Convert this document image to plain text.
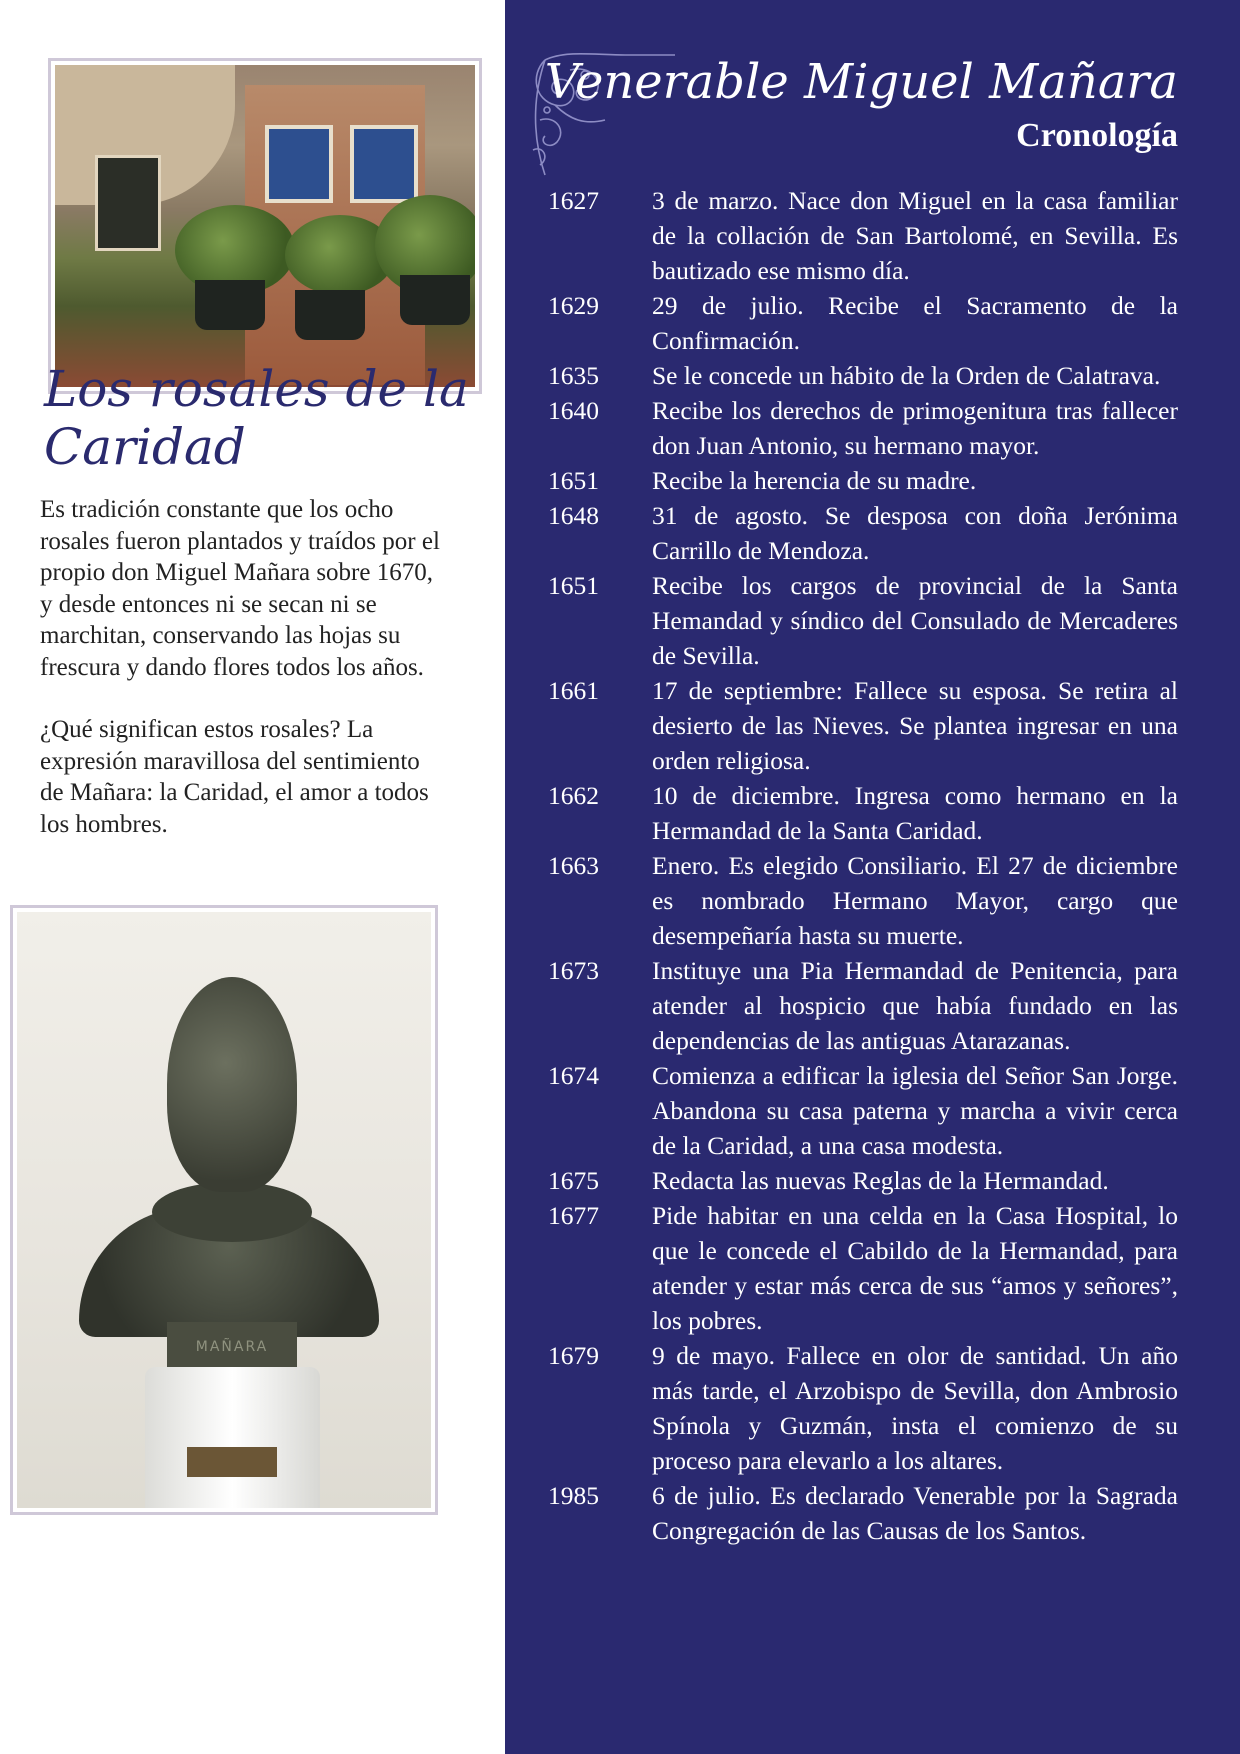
Los rosales de la Caridad

Es tradición constante que los ocho rosales fueron plantados y traídos por el propio don Miguel Mañara sobre 1670, y desde entonces ni se secan ni se marchitan, conservando las hojas su frescura y dando flores todos los años.

¿Qué significan estos rosales? La expresión maravillosa del sentimiento de Mañara: la Caridad, el amor a todos los hombres.

MAÑARA
Venerable Miguel Mañara
Cronología
1627	3 de marzo. Nace don Miguel en la casa familiar de la collación de San Bartolomé, en Sevilla. Es bautizado ese mismo día.
1629	29 de julio. Recibe el Sacramento de la Confirmación.
1635	Se le concede un hábito de la Orden de Calatrava.
1640	Recibe los derechos de primogenitura tras fallecer don Juan Antonio, su hermano mayor.
1651	Recibe la herencia de su madre.
1648	31 de agosto. Se desposa con doña Jerónima Carrillo de Mendoza.
1651	Recibe los cargos de provincial de la Santa Hemandad y síndico del Consulado de Mercaderes de Sevilla.
1661	17 de septiembre: Fallece su esposa. Se retira al desierto de las Nieves. Se plantea ingresar en una orden religiosa.
1662	10 de diciembre. Ingresa como hermano en la Hermandad de la Santa Caridad.
1663	Enero. Es elegido Consiliario. El 27 de diciembre es nombrado Hermano Mayor, cargo que desempeñaría hasta su muerte.
1673	Instituye una Pia Hermandad de Penitencia, para atender al hospicio que había fundado en las dependencias de las antiguas Atarazanas.
1674	Comienza a edificar la iglesia del Señor San Jorge. Abandona su casa paterna y marcha a vivir cerca de la Caridad, a una casa modesta.
1675	Redacta las nuevas Reglas de la Hermandad.
1677	Pide habitar en una celda en la Casa Hospital, lo que le concede el Cabildo de la Hermandad, para atender y estar más cerca de sus “amos y señores”, los pobres.
1679	9 de mayo. Fallece en olor de santidad. Un año más tarde, el Arzobispo de Sevilla, don Ambrosio Spínola y Guzmán, insta el comienzo de su proceso para elevarlo a los altares.
1985	6 de julio. Es declarado Venerable por la Sagrada Congregación de las Causas de los Santos.
